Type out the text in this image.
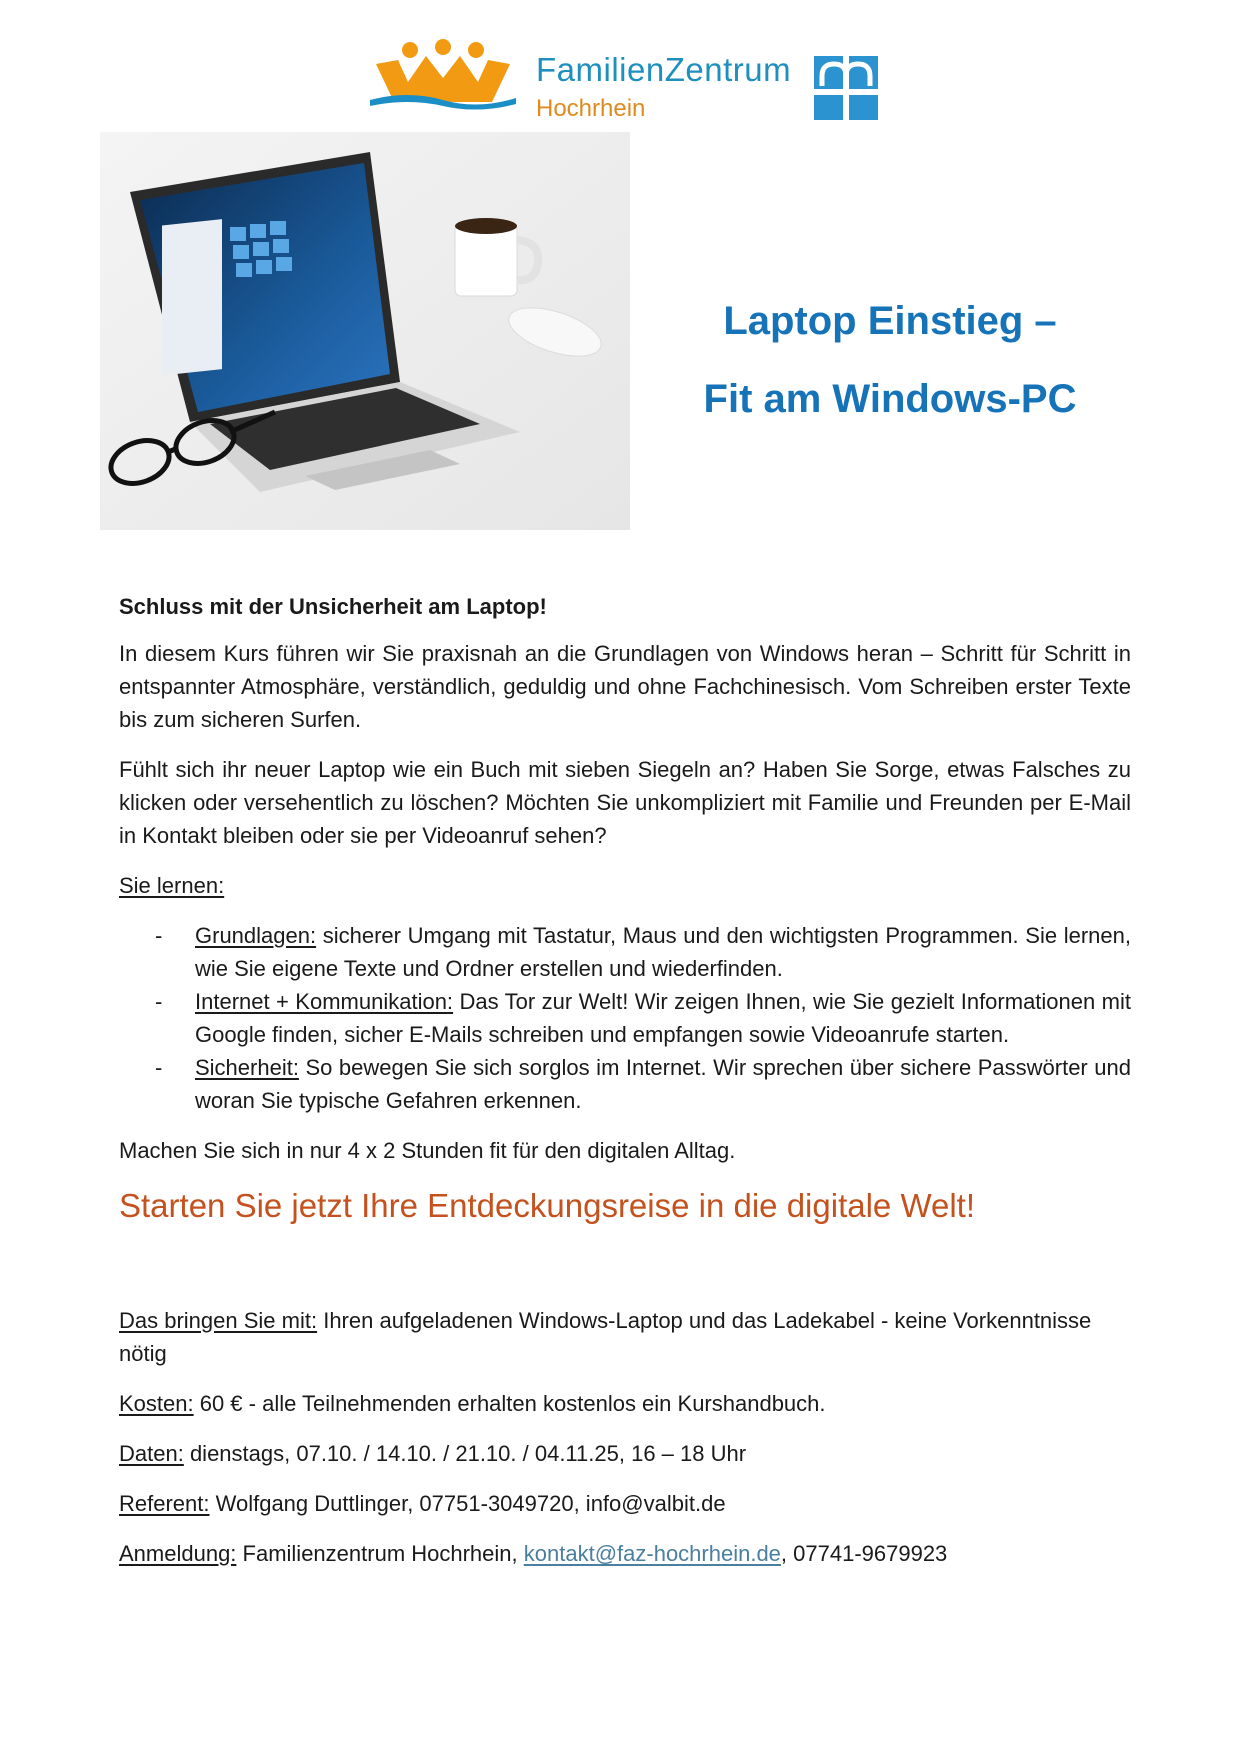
FamilienZentrum
Hochrhein
Laptop Einstieg –
Fit am Windows-PC

Schluss mit der Unsicherheit am Laptop!

In diesem Kurs führen wir Sie praxisnah an die Grundlagen von Windows heran – Schritt für Schritt in entspannter Atmosphäre, verständlich, geduldig und ohne Fachchinesisch. Vom Schreiben erster Texte bis zum sicheren Surfen.

Fühlt sich ihr neuer Laptop wie ein Buch mit sieben Siegeln an? Haben Sie Sorge, etwas Falsches zu klicken oder versehentlich zu löschen? Möchten Sie unkompliziert mit Familie und Freunden per E-Mail in Kontakt bleiben oder sie per Videoanruf sehen?

Sie lernen:

- Grundlagen: sicherer Umgang mit Tastatur, Maus und den wichtigsten Programmen. Sie lernen, wie Sie eigene Texte und Ordner erstellen und wiederfinden.
- Internet + Kommunikation: Das Tor zur Welt! Wir zeigen Ihnen, wie Sie gezielt Informationen mit Google finden, sicher E-Mails schreiben und empfangen sowie Videoanrufe starten.
- Sicherheit: So bewegen Sie sich sorglos im Internet. Wir sprechen über sichere Passwörter und woran Sie typische Gefahren erkennen.

Machen Sie sich in nur 4 x 2 Stunden fit für den digitalen Alltag.

Starten Sie jetzt Ihre Entdeckungsreise in die digitale Welt!

Das bringen Sie mit: Ihren aufgeladenen Windows-Laptop und das Ladekabel - keine Vorkenntnisse nötig

Kosten: 60 € - alle Teilnehmenden erhalten kostenlos ein Kurshandbuch.

Daten: dienstags, 07.10. / 14.10. / 21.10. / 04.11.25, 16 – 18 Uhr

Referent: Wolfgang Duttlinger, 07751-3049720, info@valbit.de

Anmeldung: Familienzentrum Hochrhein, kontakt@faz-hochrhein.de, 07741-9679923
